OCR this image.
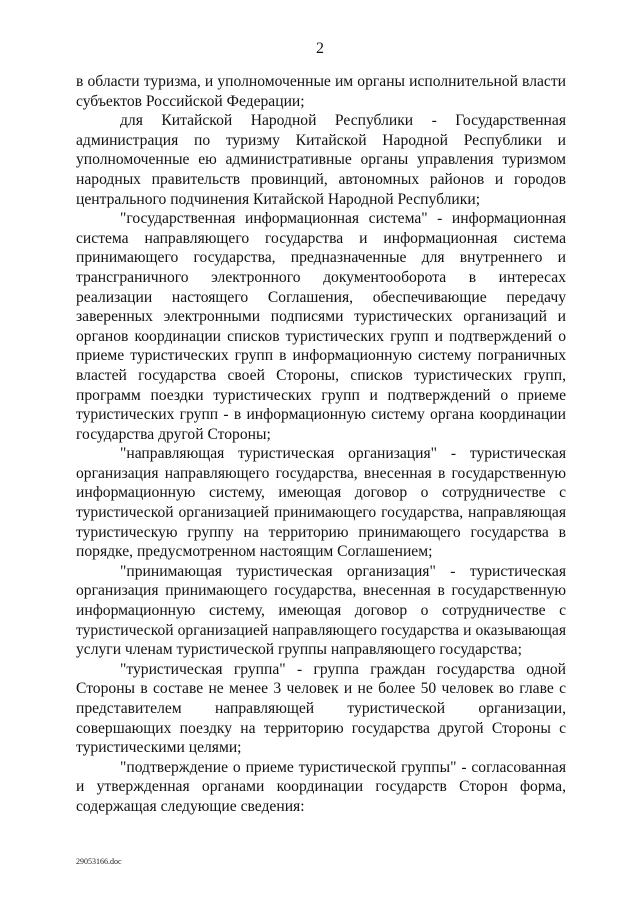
2

в области туризма, и уполномоченные им органы исполнительной власти субъектов Российской Федерации;

для Китайской Народной Республики - Государственная администрация по туризму Китайской Народной Республики и уполномоченные ею административные органы управления туризмом народных правительств провинций, автономных районов и городов центрального подчинения Китайской Народной Республики;

"государственная информационная система" - информационная система направляющего государства и информационная система принимающего государства, предназначенные для внутреннего и трансграничного электронного документооборота в интересах реализации настоящего Соглашения, обеспечивающие передачу заверенных электронными подписями туристических организаций и органов координации списков туристических групп и подтверждений о приеме туристических групп в информационную систему пограничных властей государства своей Стороны, списков туристических групп, программ поездки туристических групп и подтверждений о приеме туристических групп - в информационную систему органа координации государства другой Стороны;

"направляющая туристическая организация" - туристическая организация направляющего государства, внесенная в государственную информационную систему, имеющая договор о сотрудничестве с туристической организацией принимающего государства, направляющая туристическую группу на территорию принимающего государства в порядке, предусмотренном настоящим Соглашением;

"принимающая туристическая организация" - туристическая организация принимающего государства, внесенная в государственную информационную систему, имеющая договор о сотрудничестве с туристической организацией направляющего государства и оказывающая услуги членам туристической группы направляющего государства;

"туристическая группа" - группа граждан государства одной Стороны в составе не менее 3 человек и не более 50 человек во главе с представителем направляющей туристической организации, совершающих поездку на территорию государства другой Стороны с туристическими целями;

"подтверждение о приеме туристической группы" - согласованная и утвержденная органами координации государств Сторон форма, содержащая следующие сведения:

29053166.doc
